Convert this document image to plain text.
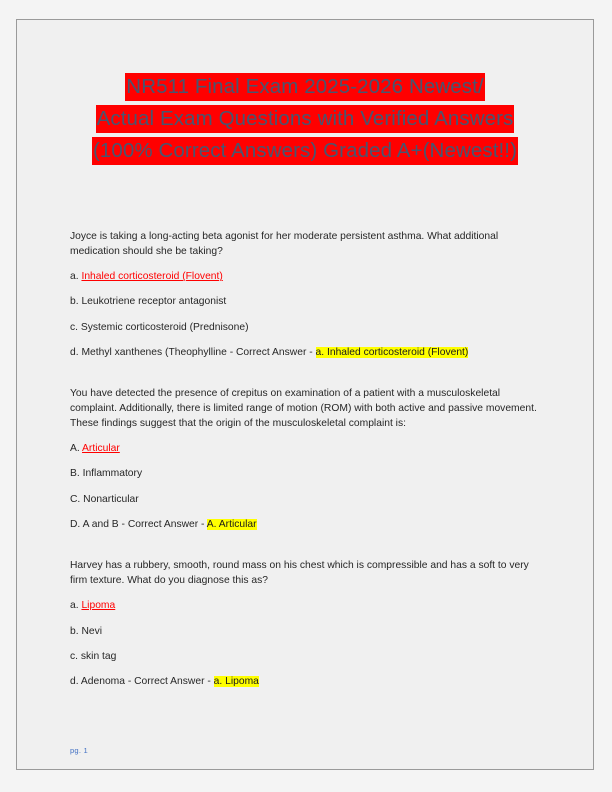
NR511 Final Exam 2025-2026 Newest/
Actual Exam Questions with Verified Answers
(100% Correct Answers) Graded A+(Newest!!)

Joyce is taking a long-acting beta agonist for her moderate persistent asthma. What additional medication should she be taking?

a. Inhaled corticosteroid (Flovent)

b. Leukotriene receptor antagonist

c. Systemic corticosteroid (Prednisone)

d. Methyl xanthenes (Theophylline - Correct Answer - a. Inhaled corticosteroid (Flovent)

You have detected the presence of crepitus on examination of a patient with a musculoskeletal complaint. Additionally, there is limited range of motion (ROM) with both active and passive movement. These findings suggest that the origin of the musculoskeletal complaint is:

A. Articular

B. Inflammatory

C. Nonarticular

D. A and B - Correct Answer - A. Articular

Harvey has a rubbery, smooth, round mass on his chest which is compressible and has a soft to very firm texture. What do you diagnose this as?

a. Lipoma

b. Nevi

c. skin tag

d. Adenoma - Correct Answer - a. Lipoma

pg. 1
